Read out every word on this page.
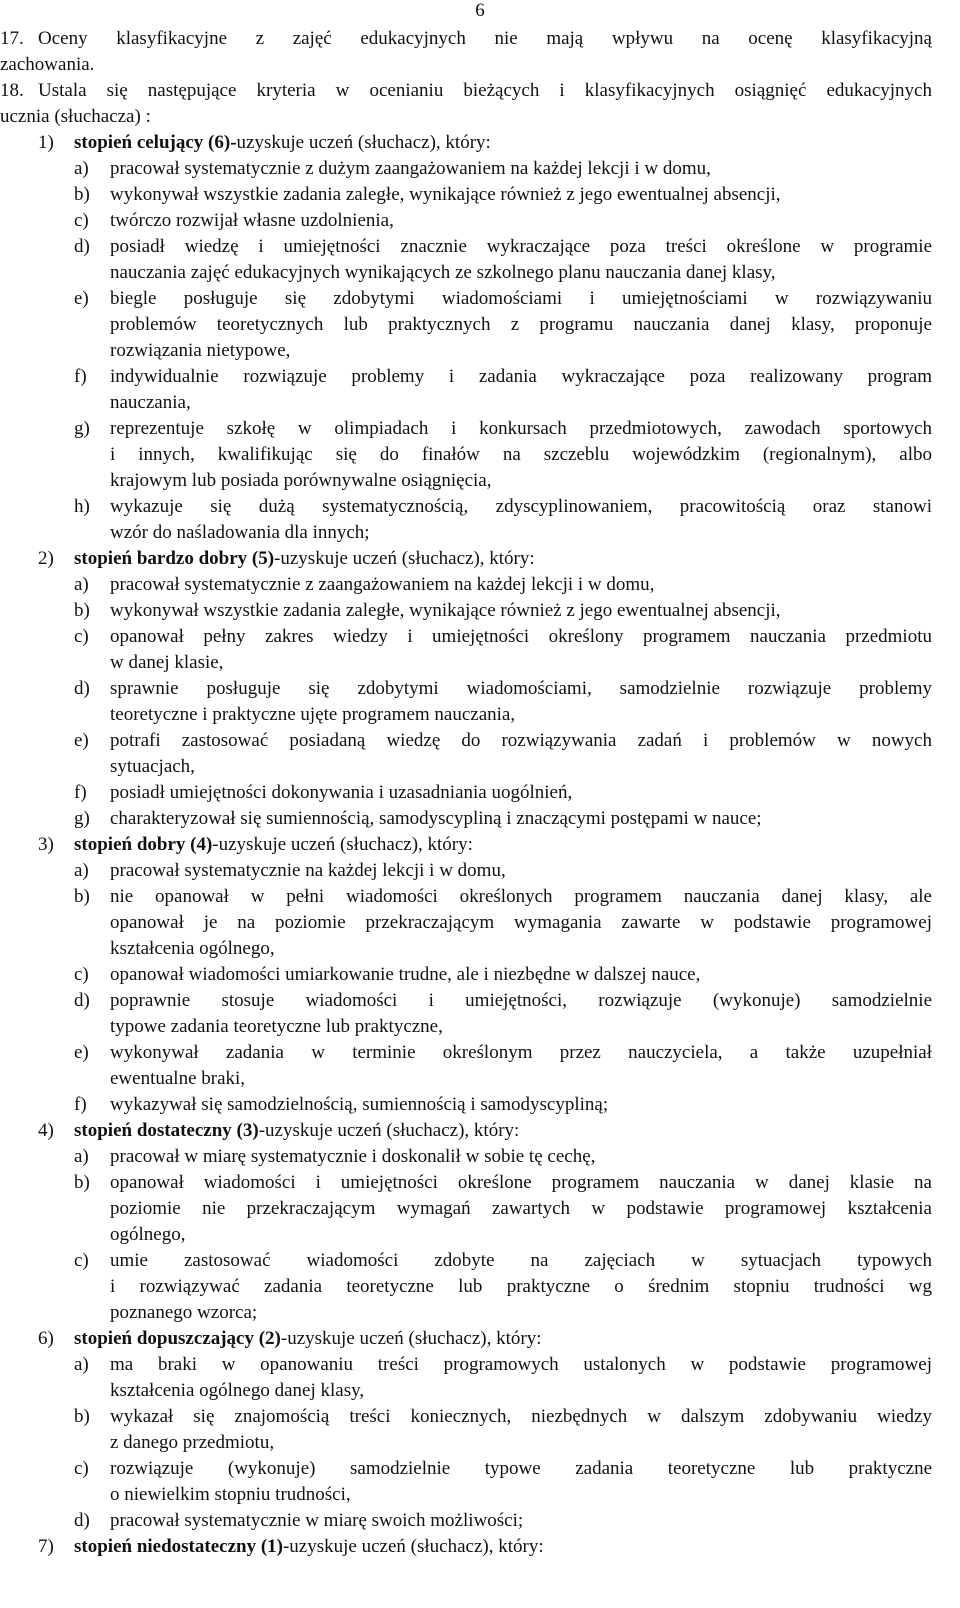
6
17. Oceny klasyfikacyjne z zajęć edukacyjnych nie mają wpływu na ocenę klasyfikacyjną
zachowania.
18. Ustala się następujące kryteria w ocenianiu bieżących i klasyfikacyjnych osiągnięć edukacyjnych
ucznia (słuchacza) :
1) stopień celujący (6)-uzyskuje uczeń (słuchacz), który:
a) pracował systematycznie z dużym zaangażowaniem na każdej lekcji i w domu,
b) wykonywał wszystkie zadania zaległe, wynikające również z jego ewentualnej absencji,
c) twórczo rozwijał własne uzdolnienia,
d) posiadł wiedzę i umiejętności znacznie wykraczające poza treści określone w programie
nauczania zajęć edukacyjnych wynikających ze szkolnego planu nauczania danej klasy,
e) biegle posługuje się zdobytymi wiadomościami i umiejętnościami w rozwiązywaniu
problemów teoretycznych lub praktycznych z programu nauczania danej klasy, proponuje
rozwiązania nietypowe,
f) indywidualnie rozwiązuje problemy i zadania wykraczające poza realizowany program
nauczania,
g) reprezentuje szkołę w olimpiadach i konkursach przedmiotowych, zawodach sportowych
i innych, kwalifikując się do finałów na szczeblu wojewódzkim (regionalnym), albo
krajowym lub posiada porównywalne osiągnięcia,
h) wykazuje się dużą systematycznością, zdyscyplinowaniem, pracowitością oraz stanowi
wzór do naśladowania dla innych;
2) stopień bardzo dobry (5)-uzyskuje uczeń (słuchacz), który:
a) pracował systematycznie z zaangażowaniem na każdej lekcji i w domu,
b) wykonywał wszystkie zadania zaległe, wynikające również z jego ewentualnej absencji,
c) opanował pełny zakres wiedzy i umiejętności określony programem nauczania przedmiotu
w danej klasie,
d) sprawnie posługuje się zdobytymi wiadomościami, samodzielnie rozwiązuje problemy
teoretyczne i praktyczne ujęte programem nauczania,
e) potrafi zastosować posiadaną wiedzę do rozwiązywania zadań i problemów w nowych
sytuacjach,
f) posiadł umiejętności dokonywania i uzasadniania uogólnień,
g) charakteryzował się sumiennością, samodyscypliną i znaczącymi postępami w nauce;
3) stopień dobry (4)-uzyskuje uczeń (słuchacz), który:
a) pracował systematycznie na każdej lekcji i w domu,
b) nie opanował w pełni wiadomości określonych programem nauczania danej klasy, ale
opanował je na poziomie przekraczającym wymagania zawarte w podstawie programowej
kształcenia ogólnego,
c) opanował wiadomości umiarkowanie trudne, ale i niezbędne w dalszej nauce,
d) poprawnie stosuje wiadomości i umiejętności, rozwiązuje (wykonuje) samodzielnie
typowe zadania teoretyczne lub praktyczne,
e) wykonywał zadania w terminie określonym przez nauczyciela, a także uzupełniał
ewentualne braki,
f) wykazywał się samodzielnością, sumiennością i samodyscypliną;
4) stopień dostateczny (3)-uzyskuje uczeń (słuchacz), który:
a) pracował w miarę systematycznie i doskonalił w sobie tę cechę,
b) opanował wiadomości i umiejętności określone programem nauczania w danej klasie na
poziomie nie przekraczającym wymagań zawartych w podstawie programowej kształcenia
ogólnego,
c) umie zastosować wiadomości zdobyte na zajęciach w sytuacjach typowych
i rozwiązywać zadania teoretyczne lub praktyczne o średnim stopniu trudności wg
poznanego wzorca;
6) stopień dopuszczający (2)-uzyskuje uczeń (słuchacz), który:
a) ma braki w opanowaniu treści programowych ustalonych w podstawie programowej
kształcenia ogólnego danej klasy,
b) wykazał się znajomością treści koniecznych, niezbędnych w dalszym zdobywaniu wiedzy
z danego przedmiotu,
c) rozwiązuje (wykonuje) samodzielnie typowe zadania teoretyczne lub praktyczne
o niewielkim stopniu trudności,
d) pracował systematycznie w miarę swoich możliwości;
7) stopień niedostateczny (1)-uzyskuje uczeń (słuchacz), który:
